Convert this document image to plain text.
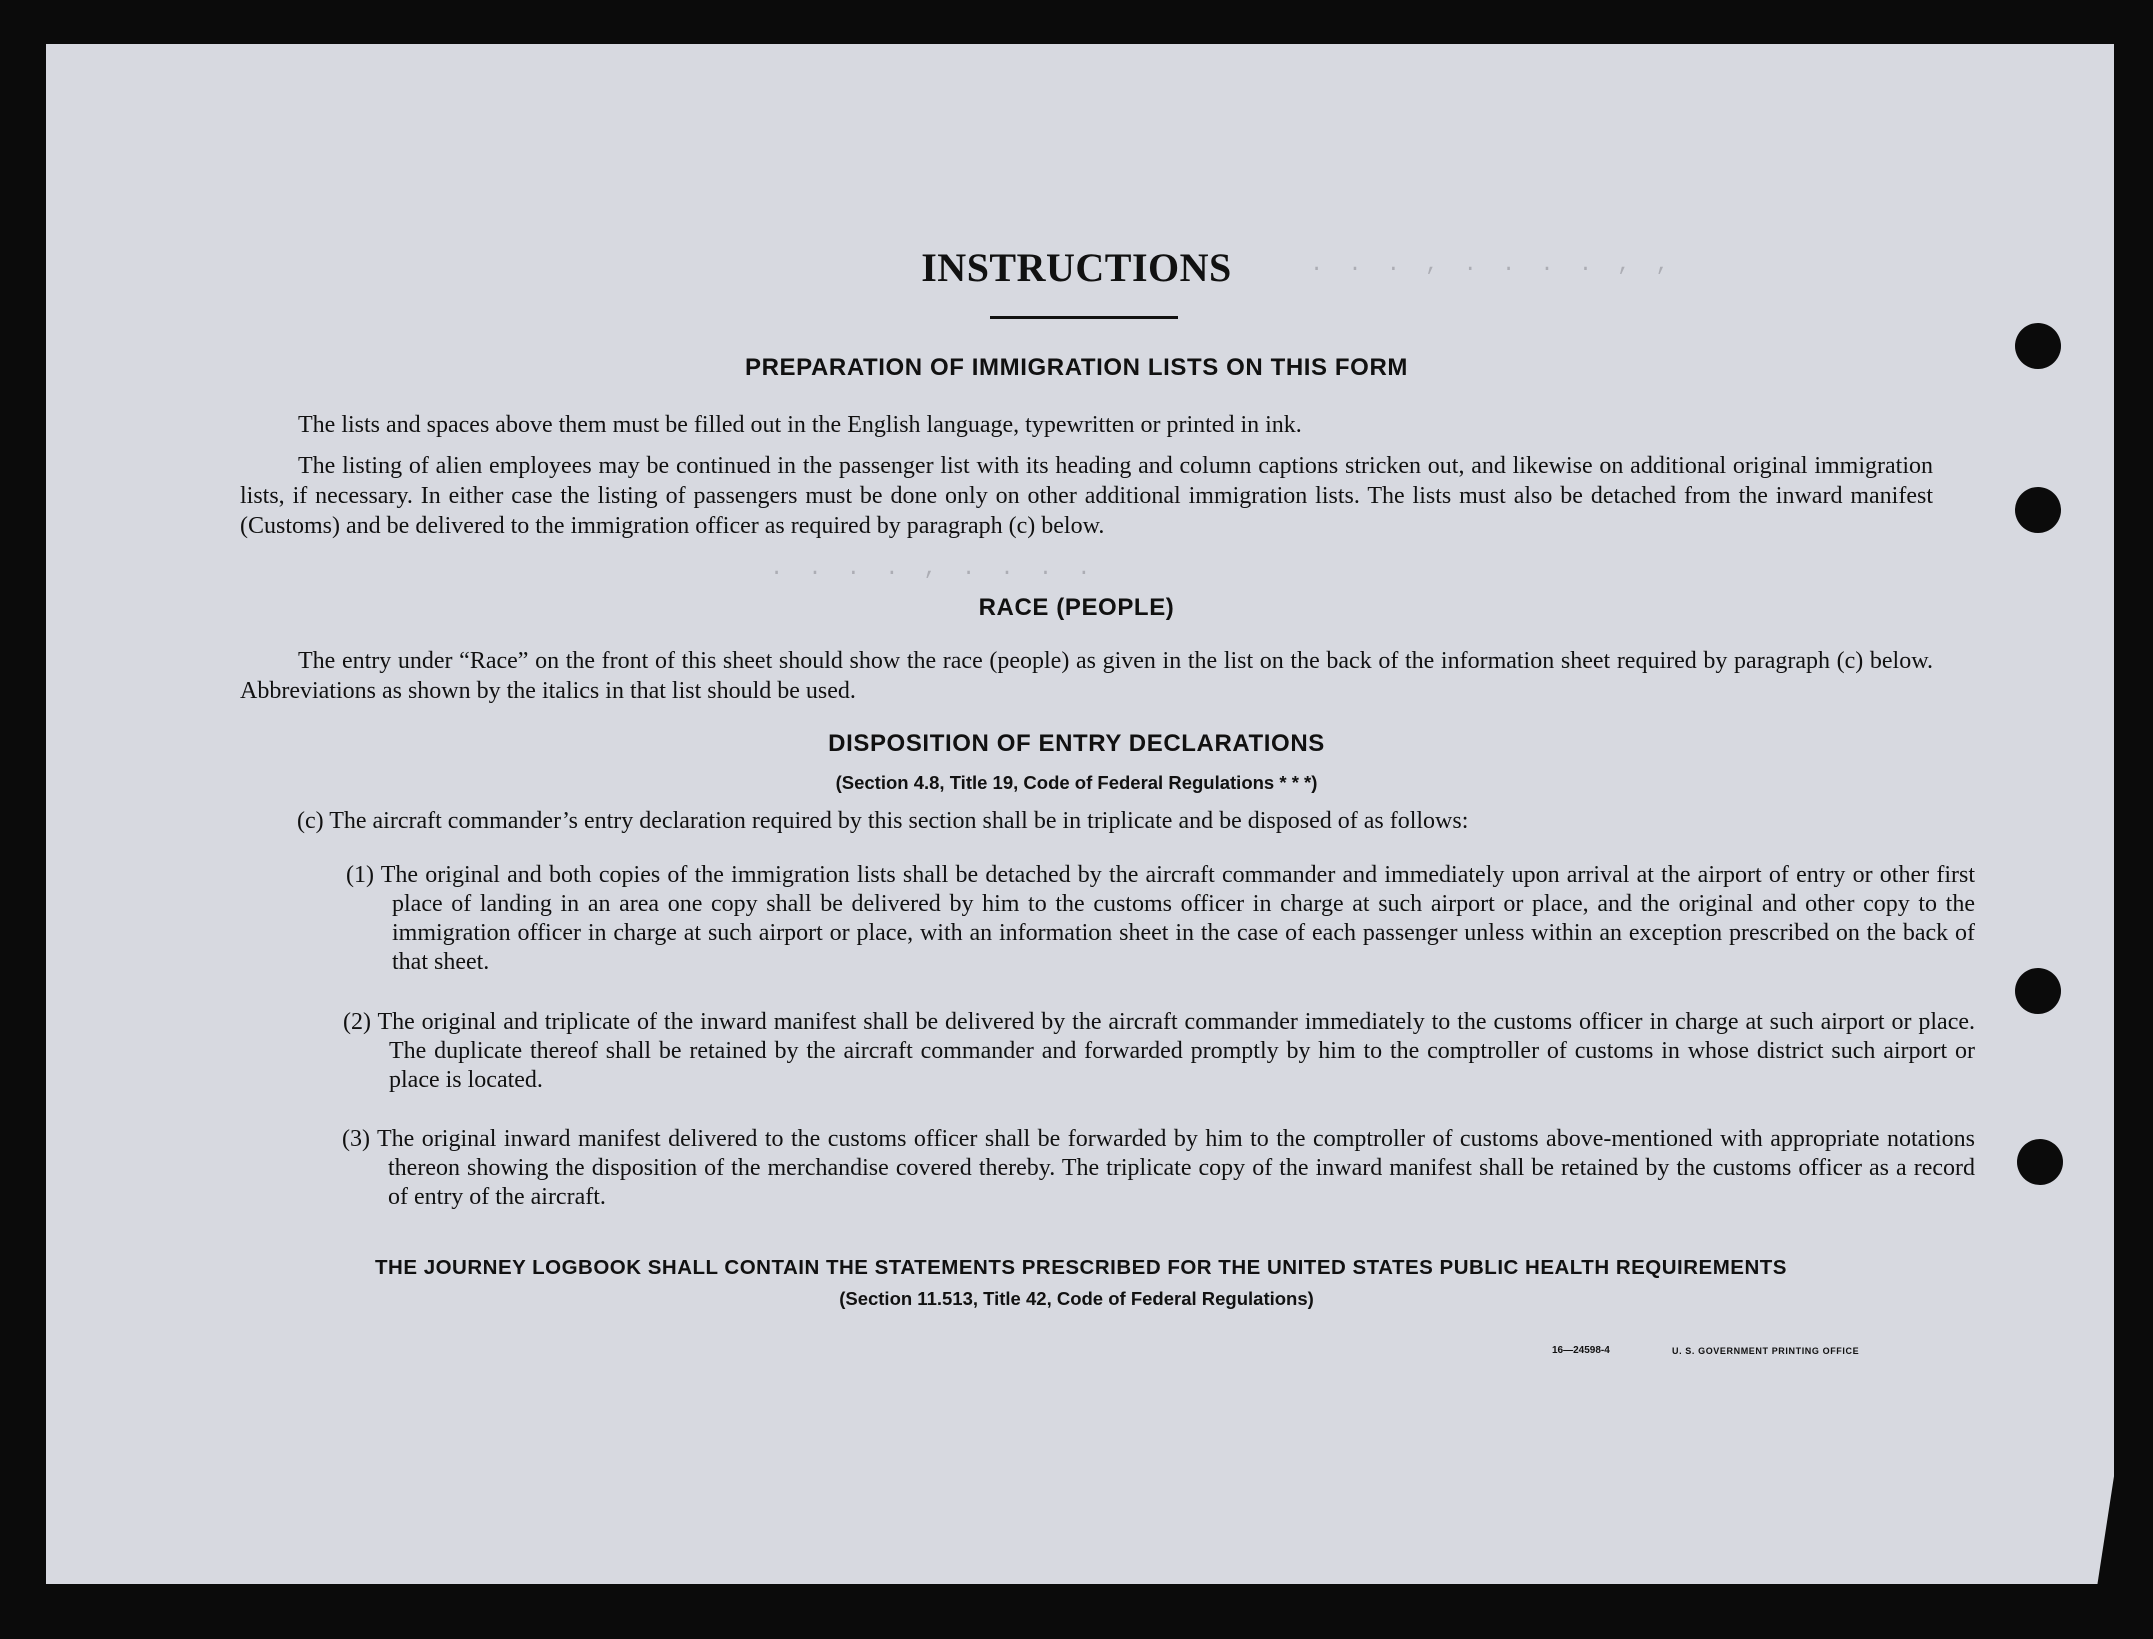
. . . , . . . . , ,
. . . . , . . . .
INSTRUCTIONS
PREPARATION OF IMMIGRATION LISTS ON THIS FORM
The lists and spaces above them must be filled out in the English language, typewritten or printed in ink.
The listing of alien employees may be continued in the passenger list with its heading and column captions stricken out, and likewise on additional original immigration lists, if necessary. In either case the listing of passengers must be done only on other additional immigration lists. The lists must also be detached from the inward manifest (Customs) and be delivered to the immigration officer as required by paragraph (c) below.
RACE (PEOPLE)
The entry under “Race” on the front of this sheet should show the race (people) as given in the list on the back of the information sheet required by paragraph (c) below. Abbreviations as shown by the italics in that list should be used.
DISPOSITION OF ENTRY DECLARATIONS
(Section 4.8, Title 19, Code of Federal Regulations * * *)
(c) The aircraft commander’s entry declaration required by this section shall be in triplicate and be disposed of as follows:
(1) The original and both copies of the immigration lists shall be detached by the aircraft commander and immediately upon arrival at the airport of entry or other first place of landing in an area one copy shall be delivered by him to the customs officer in charge at such airport or place, and the original and other copy to the immigration officer in charge at such airport or place, with an information sheet in the case of each passenger unless within an exception prescribed on the back of that sheet.
(2) The original and triplicate of the inward manifest shall be delivered by the aircraft commander immediately to the customs officer in charge at such airport or place. The duplicate thereof shall be retained by the aircraft commander and forwarded promptly by him to the comptroller of customs in whose district such airport or place is located.
(3) The original inward manifest delivered to the customs officer shall be forwarded by him to the comptroller of customs above-mentioned with appropriate notations thereon showing the disposition of the merchandise covered thereby. The triplicate copy of the inward manifest shall be retained by the customs officer as a record of entry of the aircraft.
THE JOURNEY LOGBOOK SHALL CONTAIN THE STATEMENTS PRESCRIBED FOR THE UNITED STATES PUBLIC HEALTH REQUIREMENTS
(Section 11.513, Title 42, Code of Federal Regulations)
16—24598-4	U. S. GOVERNMENT PRINTING OFFICE
